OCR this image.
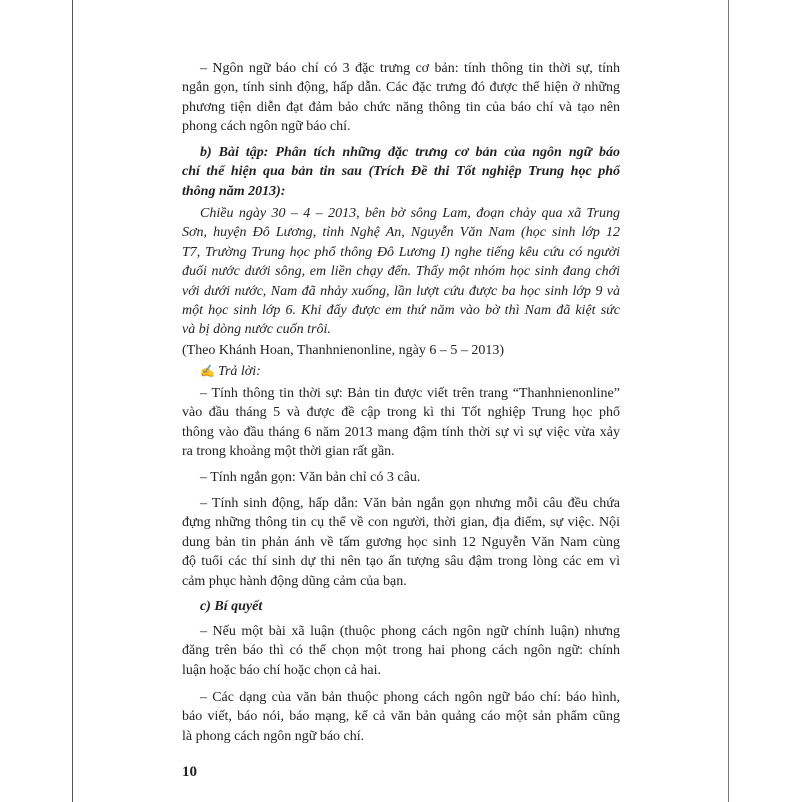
– Ngôn ngữ báo chí có 3 đặc trưng cơ bản: tính thông tin thời sự, tính
ngắn gọn, tính sinh động, hấp dẫn. Các đặc trưng đó được thể hiện ở những
phương tiện diễn đạt đảm bảo chức năng thông tin của báo chí và tạo nên
phong cách ngôn ngữ báo chí.
b) Bài tập: Phân tích những đặc trưng cơ bản của ngôn ngữ báo
chí thể hiện qua bản tin sau (Trích Đề thi Tốt nghiệp Trung học phổ
thông năm 2013):
Chiều ngày 30 – 4 – 2013, bên bờ sông Lam, đoạn chảy qua xã Trung
Sơn, huyện Đô Lương, tỉnh Nghệ An, Nguyễn Văn Nam (học sinh lớp 12
T7, Trường Trung học phổ thông Đô Lương I) nghe tiếng kêu cứu có người
đuối nước dưới sông, em liền chạy đến. Thấy một nhóm học sinh đang chới
với dưới nước, Nam đã nhảy xuống, lần lượt cứu được ba học sinh lớp 9 và
một học sinh lớp 6. Khi đẩy được em thứ năm vào bờ thì Nam đã kiệt sức
và bị dòng nước cuốn trôi.
(Theo Khánh Hoan, Thanhnienonline, ngày 6 – 5 – 2013)
✍ Trả lời:
– Tính thông tin thời sự: Bản tin được viết trên trang “Thanhnienonline”
vào đầu tháng 5 và được đề cập trong kì thi Tốt nghiệp Trung học phổ
thông vào đầu tháng 6 năm 2013 mang đậm tính thời sự vì sự việc vừa xảy
ra trong khoảng một thời gian rất gần.
– Tính ngắn gọn: Văn bản chỉ có 3 câu.
– Tính sinh động, hấp dẫn: Văn bản ngắn gọn nhưng mỗi câu đều chứa
đựng những thông tin cụ thể về con người, thời gian, địa điểm, sự việc. Nội
dung bản tin phản ánh về tấm gương học sinh 12 Nguyễn Văn Nam cùng
độ tuổi các thí sinh dự thi nên tạo ấn tượng sâu đậm trong lòng các em vì
cảm phục hành động dũng cảm của bạn.
c) Bí quyết
– Nếu một bài xã luận (thuộc phong cách ngôn ngữ chính luận) nhưng
đăng trên báo thì có thể chọn một trong hai phong cách ngôn ngữ: chính
luận hoặc báo chí hoặc chọn cả hai.
– Các dạng của văn bản thuộc phong cách ngôn ngữ báo chí: báo hình,
báo viết, báo nói, báo mạng, kể cả văn bản quảng cáo một sản phẩm cũng
là phong cách ngôn ngữ báo chí.
10
